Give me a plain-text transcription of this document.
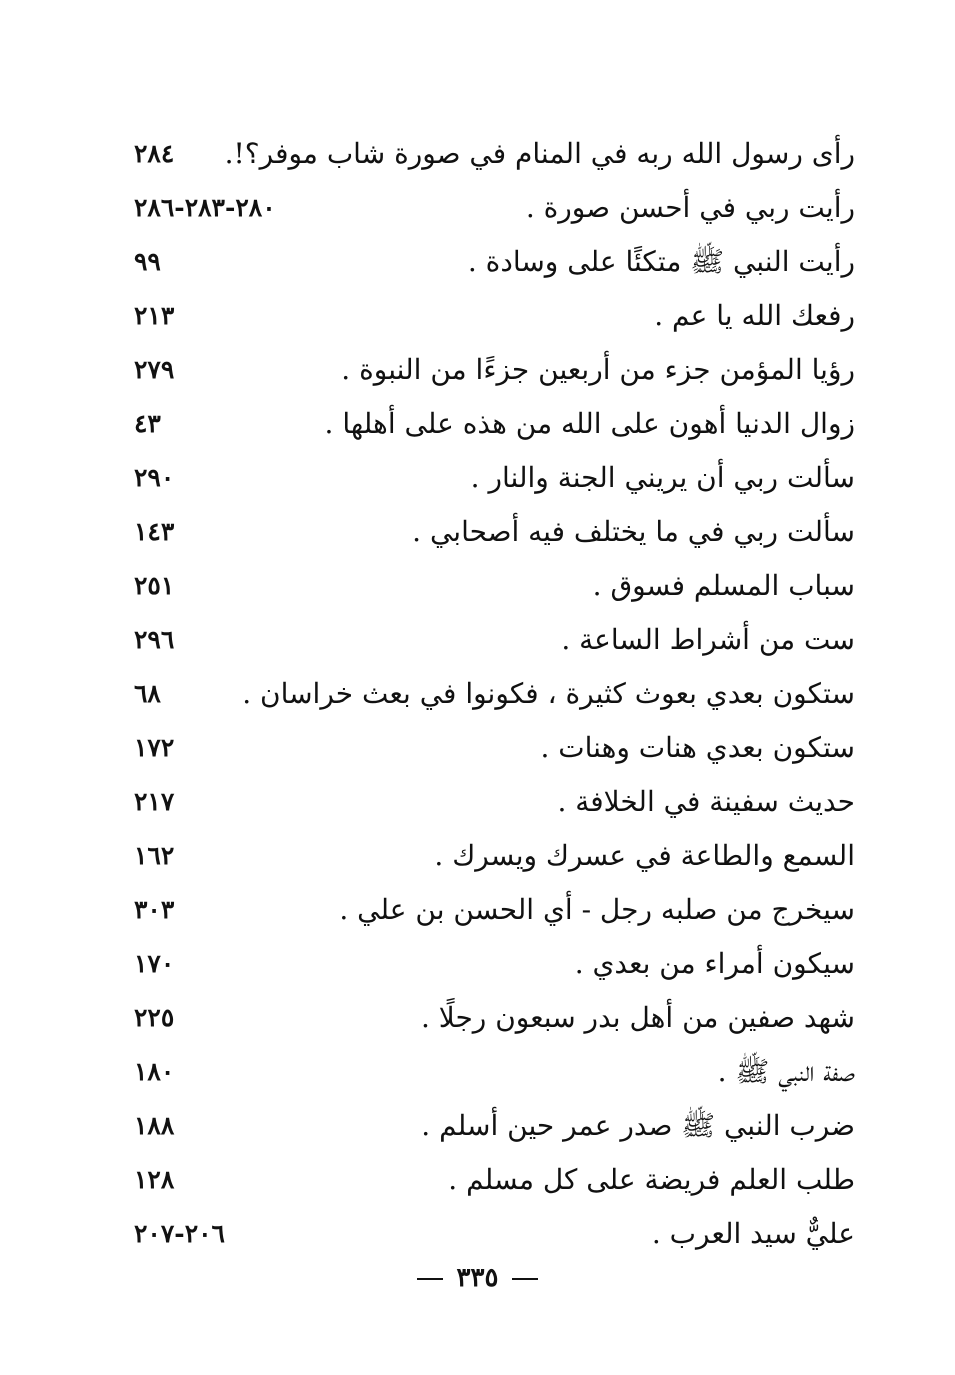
رأى رسول الله ربه في المنام في صورة شاب موفر؟!.
٢٨٤
رأيت ربي في أحسن صورة .
٢٨٠-٢٨٣-٢٨٦
رأيت النبي ﷺ متكئًا على وسادة .
٩٩
رفعك الله يا عم .
٢١٣
رؤيا المؤمن جزء من أربعين جزءًا من النبوة .
٢٧٩
زوال الدنيا أهون على الله من هذه على أهلها .
٤٣
سألت ربي أن يريني الجنة والنار .
٢٩٠
سألت ربي في ما يختلف فيه أصحابي .
١٤٣
سباب المسلم فسوق .
٢٥١
ست من أشراط الساعة .
٢٩٦
ستكون بعدي بعوث كثيرة ، فكونوا في بعث خراسان .
٦٨
ستكون بعدي هنات وهنات .
١٧٢
حديث سفينة في الخلافة .
٢١٧
السمع والطاعة في عسرك ويسرك .
١٦٢
سيخرج من صلبه رجل - أي الحسن بن علي .
٣٠٣
سيكون أمراء من بعدي .
١٧٠
شهد صفين من أهل بدر سبعون رجلًا .
٢٢٥
صفة النبي ﷺ .
١٨٠
ضرب النبي ﷺ صدر عمر حين أسلم .
١٨٨
طلب العلم فريضة على كل مسلم .
١٢٨
عليٌّ سيد العرب .
٢٠٦-٢٠٧
٣٣٥
